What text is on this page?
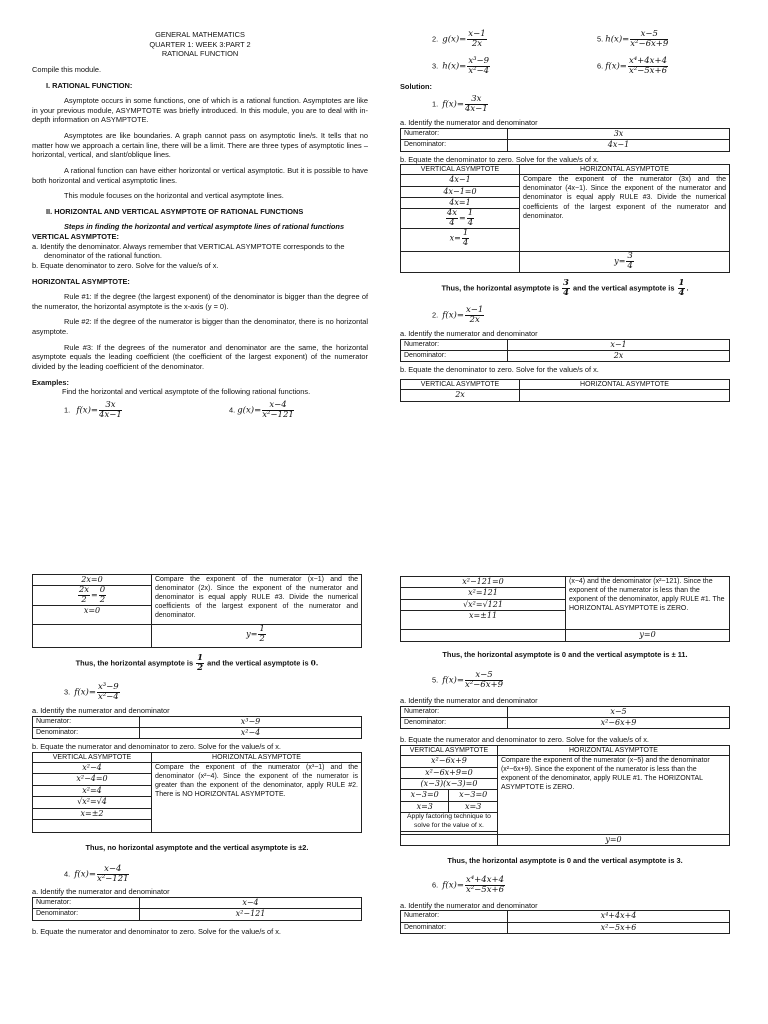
GENERAL MATHEMATICS

QUARTER 1: WEEK 3:PART 2

RATIONAL FUNCTION

Compile this module.

I. RATIONAL FUNCTION:

Asymptote occurs in some functions, one of which is a rational function. Asymptotes are like in your previous module, ASYMPTOTE was briefly introduced. In this module, you are to deal with in-depth information on ASYMPTOTE.

Asymptotes are like boundaries. A graph cannot pass on asymptotic line/s. It tells that no matter how we approach a certain line, there will be a limit. There are three types of asymptotic lines – horizontal, vertical, and slant/oblique lines.

A rational function can have either horizontal or vertical asymptotic. But it is possible to have both horizontal and vertical asymptotic lines.

This module focuses on the horizontal and vertical asymptote lines.

II. HORIZONTAL AND VERTICAL ASYMPTOTE OF RATIONAL FUNCTIONS

Steps in finding the horizontal and vertical asymptote lines of rational functions

VERTICAL ASYMPTOTE:

a. Identify the denominator. Always remember that VERTICAL ASYMPTOTE corresponds to the denominator of the rational function.

b. Equate denominator to zero. Solve for the value/s of x.

HORIZONTAL ASYMPTOTE:

Rule #1: If the degree (the largest exponent) of the denominator is bigger than the degree of the numerator, the horizontal asymptote is the x-axis (y = 0).

Rule #2: If the degree of the numerator is bigger than the denominator, there is no horizontal asymptote.

Rule #3: If the degrees of the numerator and denominator are the same, the horizontal asymptote equals the leading coefficient (the coefficient of the largest exponent) of the numerator divided by the leading coefficient of the denominator.

Examples:

Find the horizontal and vertical asymptote of the following rational functions.

1. $f(x)= \frac{3x}{4x-1}$	4. $g(x)= \frac{x-4}{\text{x²−121}}$
2. $g(x)= \frac{x-1}{2x}$	5. $h(x)= \frac{x-5}{\text{x²−6x+9}}$
3. $h(x)= \frac{\text{x³−9}}{\text{x²−4}}$	6. $f(x)= \frac{\text{x⁴+4x+4}}{\text{x²−5x+6}}$

Solution:

1. $f(x)= \frac{3x}{4x-1}$

a. Identify the numerator and denominator

Numerator:	3x
Denominator:	4x−1

b. Equate the denominator to zero. Solve for the value/s of x.

VERTICAL ASYMPTOTE	HORIZONTAL ASYMPTOTE
4x−1	Compare the exponent of the numerator (3x) and the denominator (4x−1). Since the exponent of the numerator and denominator is equal apply RULE #3. Divide the numerical coefficients of the largest exponent of the numerator and denominator.
4x−1=0	
4x=1	

$\frac{4x}{4} = \frac{1}{4}$

$x= \frac{1}{4}$

	$y= \frac{3}{4}$

Thus, the horizontal asymptote is $\frac{3}{4}$ and the vertical asymptote is $\frac{1}{4}$ .

2. $f(x)= \frac{x-1}{2x}$

a. Identify the numerator and denominator

Numerator:	x−1
Denominator:	2x

b. Equate the denominator to zero. Solve for the value/s of x.

VERTICAL ASYMPTOTE	HORIZONTAL ASYMPTOTE
2x	
2x=0	Compare the exponent of the numerator (x−1) and the denominator (2x). Since the exponent of the numerator and denominator is equal apply RULE #3. Divide the numerical coefficients of the largest exponent of the numerator and denominator.

$\frac{2x}{2} = \frac{0}{2}$

x=0	
	$y= \frac{1}{2}$

Thus, the horizontal asymptote is $\frac{1}{2}$ and the vertical asymptote is 0.

3. $f(x)= \frac{\text{x³−9}}{\text{x²−4}}$

a. Identify the numerator and denominator

Numerator:	x³−9
Denominator:	x²−4

b. Equate the numerator and denominator to zero. Solve for the value/s of x.

VERTICAL ASYMPTOTE	HORIZONTAL ASYMPTOTE
x²−4	Compare the exponent of the numerator (x³−1) and the denominator (x²−4). Since the exponent of the numerator is greater than the exponent of the denominator, apply RULE #2. There is NO HORIZONTAL ASYMPTOTE.
x²−4=0	
x²=4	
√x²=√4	
x=±2	

Thus, no horizontal asymptote and the vertical asymptote is ±2.

4. $f(x)= \frac{x-4}{\text{x²−121}}$

a. Identify the numerator and denominator

Numerator:	x−4
Denominator:	x²−121

b. Equate the numerator and denominator to zero. Solve for the value/s of x.

x²−121=0	(x−4) and the denominator (x²−121). Since the exponent of the numerator is less than the exponent of the denominator, apply RULE #1. The HORIZONTAL ASYMPTOTE is ZERO.
x²=121	
√x²=√121	
x=±11	
	y=0

Thus, the horizontal asymptote is 0 and the vertical asymptote is ± 11.

5. $f(x)= \frac{x-5}{\text{x²−6x+9}}$

a. Identify the numerator and denominator

Numerator:	x−5
Denominator:	x²−6x+9

b. Equate the numerator and denominator to zero. Solve for the value/s of x.

VERTICAL ASYMPTOTE		HORIZONTAL ASYMPTOTE
x²−6x+9		Compare the exponent of the numerator (x−5) and the denominator (x²−6x+9). Since the exponent of the numerator is less than the exponent of the denominator, apply RULE #1. The HORIZONTAL ASYMPTOTE is ZERO.
x²−6x+9=0		
(x−3)(x−3)=0		
x−3=0	x−3=0	
x=3	x=3	
Apply factoring technique to solve for the value of x.		

		y=0

Thus, the horizontal asymptote is 0 and the vertical asymptote is 3.

6. $f(x)= \frac{\text{x⁴+4x+4}}{\text{x²−5x+6}}$

a. Identify the numerator and denominator

Numerator:	x⁴+4x+4
Denominator:	x²−5x+6
